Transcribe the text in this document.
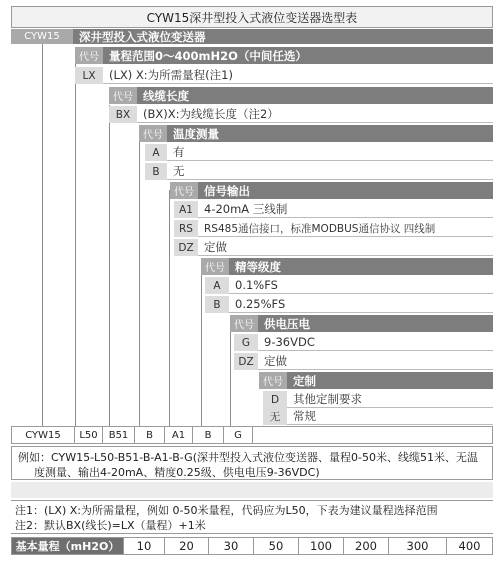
CYW15深井型投入式液位变送器选型表
CYW15	深井型投入式液位变送器
代号 量程范围0～400mH2O（中间任选）
LX	(LX) X:为所需量程(注1)
代号 线缆长度
BX	(BX)X:为线缆长度（注2）
代号 温度测量
A	有
B	无
代号 信号输出
A1 4-20mA 三线制
RS	RS485通信接口，标准MODBUS通信协议 四线制
DZ 定做
代号 精等级度
A	0.1%FS
B	0.25%FS
代号 供电压电
G	9-36VDC
DZ 定做
代号 定制
D	其他定制要求
无	常规
CYW15	L50	B51	B	A1	B	G
例如：CYW15-L50-B51-B-A1-B-G(深井型投入式液位变送器、量程0-50米、线缆51米、无温度测量、输出4-20mA、精度0.25级、供电电压9-36VDC)
注1：(LX) X:为所需量程，例如 0-50米量程，代码应为L50，下表为建议量程选择范围
注2：默认BX(线长)=LX（量程）+1米
基本量程（mH2O）	10	20	30	50	100	200	300	400
